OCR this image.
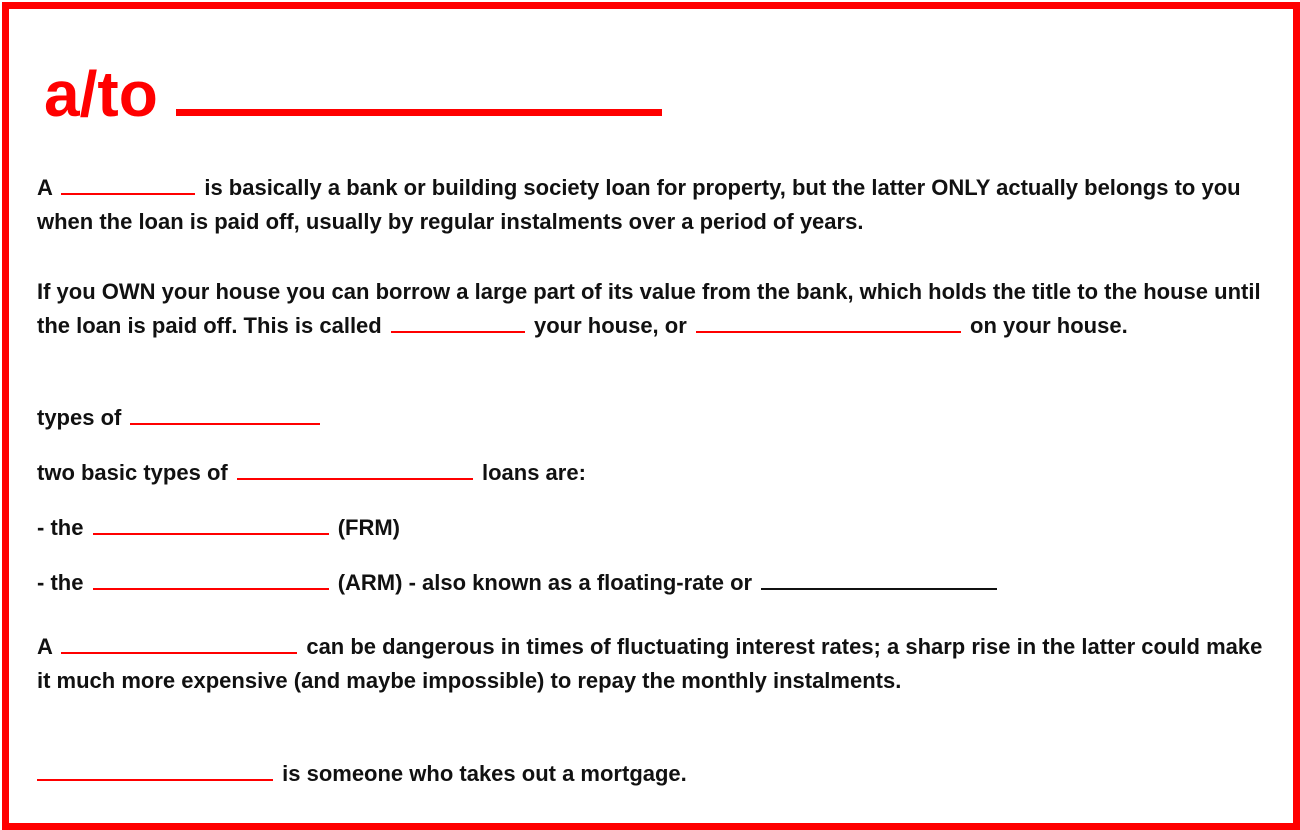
a/to

A	is basically a bank or building society loan for property, but the latter ONLY actually belongs to you when the loan is paid off, usually by regular instalments over a period of years.

If you OWN your house you can borrow a large part of its value from the bank, which holds the title to the house until the loan is paid off. This is called	your house, or	on your house.

types of

two basic types of	loans are:

- the	(FRM)

- the	(ARM) - also known as a floating-rate or

A	can be dangerous in times of fluctuating interest rates; a sharp rise in the latter could make it much more expensive (and maybe impossible) to repay the monthly instalments.

is someone who takes out a mortgage.
